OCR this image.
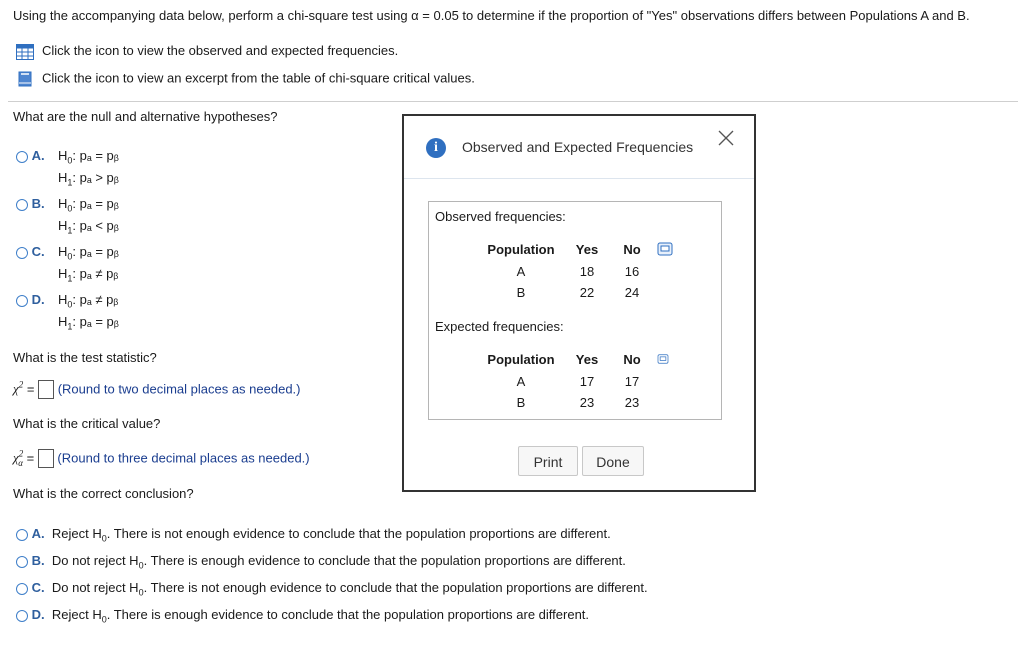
Using the accompanying data below, perform a chi-square test using α = 0.05 to determine if the proportion of "Yes" observations differs between Populations A and B.
Click the icon to view the observed and expected frequencies.
Click the icon to view an excerpt from the table of chi-square critical values.
What are the null and alternative hypotheses?
A. $H_0$: pₐ = pᵦ
$H_1$: pₐ > pᵦ
B. $H_0$: pₐ = pᵦ
$H_1$: pₐ < pᵦ
C. $H_0$: pₐ = pᵦ
$H_1$: pₐ ≠ pᵦ
D. $H_0$: pₐ ≠ pᵦ
$H_1$: pₐ = pᵦ
What is the test statistic?
$\chi^2$ =  (Round to two decimal places as needed.)
What is the critical value?
$\chi^2_\alpha$ =  (Round to three decimal places as needed.)
What is the correct conclusion?
A. Reject $H_0$. There is not enough evidence to conclude that the population proportions are different.
B. Do not reject $H_0$. There is enough evidence to conclude that the population proportions are different.
C. Do not reject $H_0$. There is not enough evidence to conclude that the population proportions are different.
D. Reject $H_0$. There is enough evidence to conclude that the population proportions are different.
i	Observed and Expected Frequencies
Observed frequencies:
Population	Yes	No
A	18	16
B	22	24
Expected frequencies:
Population	Yes	No
A	17	17
B	23	23
Print	Done
